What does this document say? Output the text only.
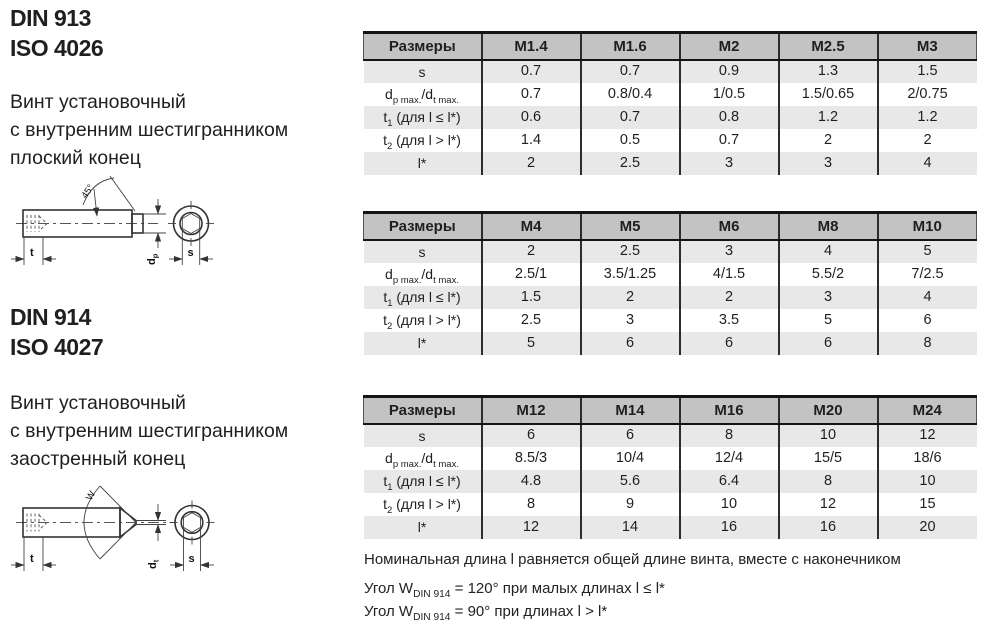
DIN 913
ISO 4026
Винт установочный
с внутренним шестигранником
плоский конец
45°
t
$d_p$	s
DIN 914
ISO 4027
Винт установочный
с внутренним шестигранником
заостренный конец
W
t
$d_t$	s
Размеры	M1.4	M1.6	M2	M2.5	M3
s	0.7	0.7	0.9	1.3	1.5
$d_{p max.}/d_{t max.}$	0.7	0.8/0.4	1/0.5	1.5/0.65	2/0.75
$t_1$ (для l ≤ l*)	0.6	0.7	0.8	1.2	1.2
$t_2$ (для l > l*)	1.4	0.5	0.7	2	2
l*	2	2.5	3	3	4
Размеры	M4	M5	M6	M8	M10
s	2	2.5	3	4	5
$d_{p max.}/d_{t max.}$	2.5/1	3.5/1.25	4/1.5	5.5/2	7/2.5
$t_1$ (для l ≤ l*)	1.5	2	2	3	4
$t_2$ (для l > l*)	2.5	3	3.5	5	6
l*	5	6	6	6	8
Размеры	M12	M14	M16	M20	M24
s	6	6	8	10	12
$d_{p max.}/d_{t max.}$	8.5/3	10/4	12/4	15/5	18/6
$t_1$ (для l ≤ l*)	4.8	5.6	6.4	8	10
$t_2$ (для l > l*)	8	9	10	12	15
l*	12	14	16	16	20
Номинальная длина l равняется общей длине винта, вместе с наконечником
Угол $W_{DIN 914} = 120^\circ$ при малых длинах l ≤ l*
Угол $W_{DIN 914} = 90^\circ$ при длинах l > l*
